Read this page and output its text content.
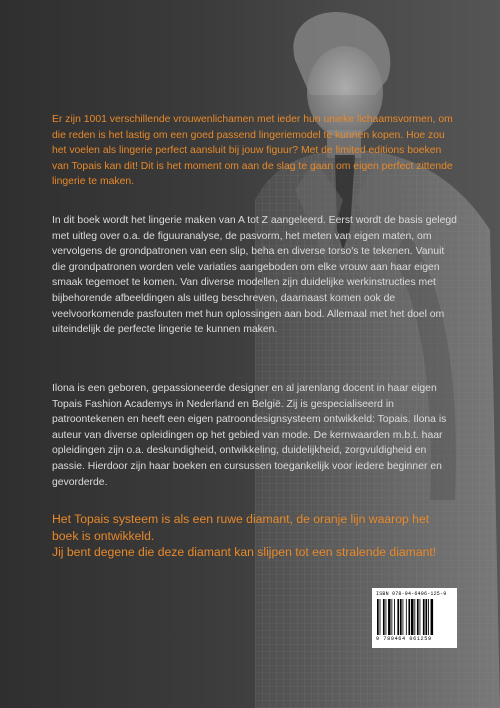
Er zijn 1001 verschillende vrouwenlichamen met ieder hun unieke lichaamsvormen, om die reden is het lastig om een goed passend lingeriemodel te kunnen kopen. Hoe zou het voelen als lingerie perfect aansluit bij jouw figuur? Met de limited editions boeken van Topais kan dit! Dit is het moment om aan de slag te gaan om eigen perfect zittende lingerie te maken.

In dit boek wordt het lingerie maken van A tot Z aangeleerd. Eerst wordt de basis gelegd met uitleg over o.a. de figuuranalyse, de pasvorm, het meten van eigen maten, om vervolgens de grondpatronen van een slip, beha en diverse torso's te tekenen. Vanuit die grondpatronen worden vele variaties aangeboden om elke vrouw aan haar eigen smaak tegemoet te komen. Van diverse modellen zijn duidelijke werkinstructies met bijbehorende afbeeldingen als uitleg beschreven, daarnaast komen ook de veelvoorkomende pasfouten met hun oplossingen aan bod. Allemaal met het doel om uiteindelijk de perfecte lingerie te kunnen maken.

Ilona is een geboren, gepassioneerde designer en al jarenlang docent in haar eigen Topais Fashion Academys in Nederland en België. Zij is gespecialiseerd in patroontekenen en heeft een eigen patroondesignsysteem ontwikkeld: Topais. Ilona is auteur van diverse opleidingen op het gebied van mode. De kernwaarden m.b.t. haar opleidingen zijn o.a. deskundigheid, ontwikkeling, duidelijkheid, zorgvuldigheid en passie. Hierdoor zijn haar boeken en cursussen toegankelijk voor iedere beginner en gevorderde.

Het Topais systeem is als een ruwe diamant, de oranje lijn waarop het boek is ontwikkeld.

Jij bent degene die deze diamant kan slijpen tot een stralende diamant!

ISBN 978-94-6406-125-9
9 789464 061259
